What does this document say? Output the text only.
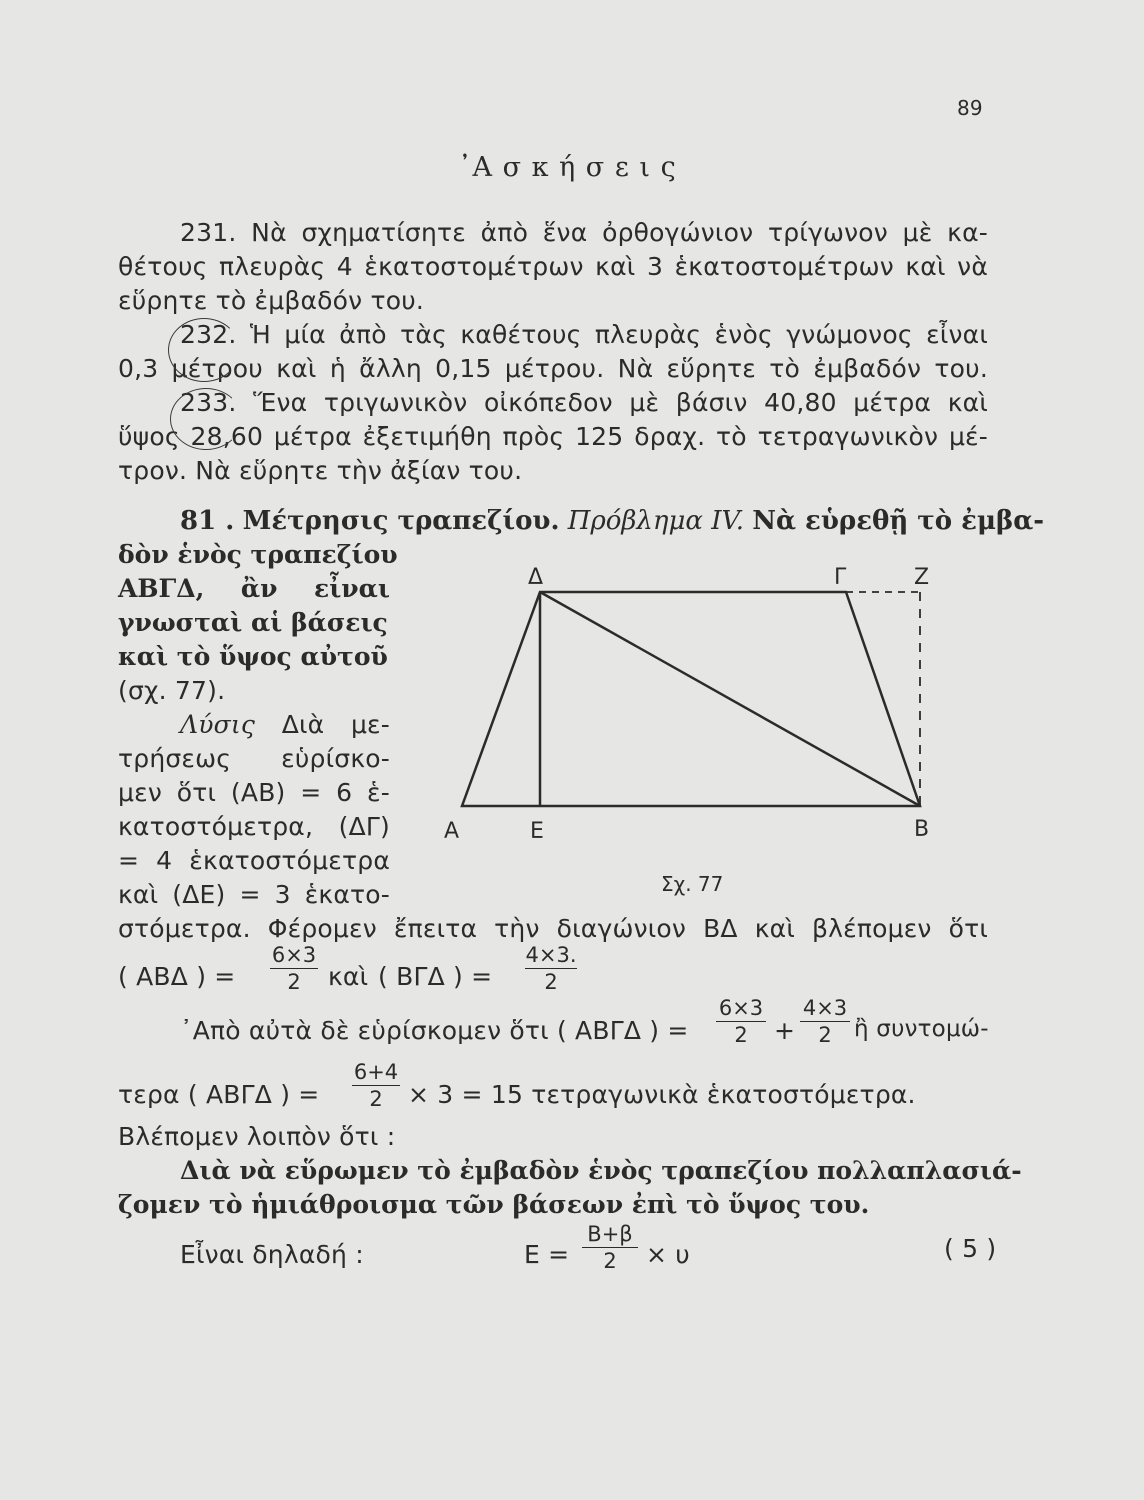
89
᾿Α σ κ ή σ ε ι ς
231. Νὰ σχηματίσητε ἀπὸ ἕνα ὀρθογώνιον τρίγωνον μὲ κα-
θέτους πλευρὰς 4 ἑκατοστομέτρων καὶ 3 ἑκατοστομέτρων καὶ νὰ
εὕρητε τὸ ἐμβαδόν του.
232. Ἡ μία ἀπὸ τὰς καθέτους πλευρὰς ἑνὸς γνώμονος εἶναι
0,3 μέτρου καὶ ἡ ἄλλη 0,15 μέτρου. Νὰ εὕρητε τὸ ἐμβαδόν του.
233. Ἕνα τριγωνικὸν οἰκόπεδον μὲ βάσιν 40,80 μέτρα καὶ
ὕψος 28,60 μέτρα ἐξετιμήθη πρὸς 125 δραχ. τὸ τετραγωνικὸν μέ-
τρον. Νὰ εὕρητε τὴν ἀξίαν του.
81 . Μέτρησις τραπεζίου. Πρόβλημα IV. Νὰ εὑρεθῇ τὸ ἐμβα-
δὸν ἑνὸς τραπεζίου
ΑΒΓΔ, ἂν εἶναι
γνωσταὶ αἱ βάσεις
καὶ τὸ ὕψος αὐτοῦ
(σχ. 77).
Λύσις Διὰ με-
τρήσεως εὑρίσκο-
μεν ὅτι (ΑΒ) = 6 ἑ-
κατοστόμετρα, (ΔΓ)
= 4 ἑκατοστόμετρα
καὶ (ΔΕ) = 3 ἑκατο-
στόμετρα. Φέρομεν ἔπειτα τὴν διαγώνιον ΒΔ καὶ βλέπομεν ὅτι
Δ	Γ	Z
Α	Ε	Β
Σχ. 77
( ΑΒΔ ) =
6×3
2	καὶ ( ΒΓΔ ) =
4×3.
2
᾿Απὸ αὐτὰ δὲ εὑρίσκομεν ὅτι ( ΑΒΓΔ ) =
6×3
2	+
4×3
2 ἢ συντομώ-
τερα ( ΑΒΓΔ ) =
6+4
2	× 3 = 15 τετραγωνικὰ ἑκατοστόμετρα.
Βλέπομεν λοιπὸν ὅτι :
Διὰ νὰ εὕρωμεν τὸ ἐμβαδὸν ἑνὸς τραπεζίου πολλαπλασιά-
ζομεν τὸ ἡμιάθροισμα τῶν βάσεων ἐπὶ τὸ ὕψος του.
Εἶναι δηλαδή :	Ε =
Β+β
2	× υ	( 5 )
